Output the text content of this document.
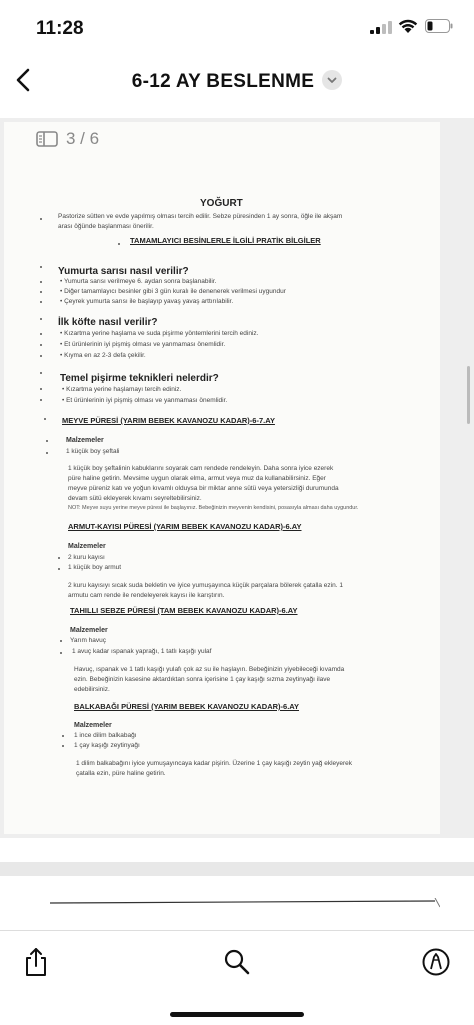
11:28
6-12 AY BESLENME
YOĞURT
Pastorize sütten ve evde yapılmış olması tercih edilir. Sebze püresinden 1 ay sonra, öğle ile akşam
arası öğünde başlanması önerilir.
TAMAMLAYICI BESİNLERLE İLGİLİ PRATİK BİLGİLER
Yumurta sarısı nasıl verilir?
• Yumurta sarısı verilmeye 6. aydan sonra başlanabilir.
• Diğer tamamlayıcı besinler gibi 3 gün kuralı ile denenerek verilmesi uygundur
• Çeyrek yumurta sarısı ile başlayıp yavaş yavaş arttırılabilir.
İlk köfte nasıl verilir?
• Kızartma yerine haşlama ve suda pişirme yöntemlerini tercih ediniz.
• Et ürünlerinin iyi pişmiş olması ve yanmaması önemlidir.
• Kıyma en az 2-3 defa çekilir.
Temel pişirme teknikleri nelerdir?
• Kızartma yerine haşlamayı tercih ediniz.
• Et ürünlerinin iyi pişmiş olması ve yanmaması önemlidir.
MEYVE PÜRESİ (YARIM BEBEK KAVANOZU KADAR)-6-7.AY
Malzemeler
1 küçük boy şeftali
1 küçük boy şeftalinin kabuklarını soyarak cam rendede rendeleyin. Daha sonra iyice ezerek
püre haline getirin. Mevsime uygun olarak elma, armut veya muz da kullanabilirsiniz. Eğer
meyve püreniz katı ve yoğun kıvamlı olduysa bir miktar anne sütü veya yetersizliği durumunda
devam sütü ekleyerek kıvamı seyreltebilirsiniz.
NOT: Meyve suyu yerine meyve püresi ile başlayınız. Bebeğinizin meyvenin kendisini, posasıyla alması daha uygundur.
ARMUT-KAYISI PÜRESİ (YARIM BEBEK KAVANOZU KADAR)-6.AY
Malzemeler
2 kuru kayısı
1 küçük boy armut
2 kuru kayısıyı sıcak suda bekletin ve iyice yumuşayınca küçük parçalara bölerek çatalla ezin. 1
armutu cam rende ile rendeleyerek kayısı ile karıştırın.
TAHILLI SEBZE PÜRESİ (TAM BEBEK KAVANOZU KADAR)-6.AY
Malzemeler
Yarım havuç
1 avuç kadar ıspanak yaprağı, 1 tatlı kaşığı yulaf
Havuç, ıspanak ve 1 tatlı kaşığı yulafı çok az su ile haşlayın. Bebeğinizin yiyebileceği kıvamda
ezin. Bebeğinizin kasesine aktardıktan sonra içerisine 1 çay kaşığı sızma zeytinyağı ilave
edebilirsiniz.
BALKABAĞI PÜRESİ (YARIM BEBEK KAVANOZU KADAR)-6.AY
Malzemeler
1 ince dilim balkabağı
1 çay kaşığı zeytinyağı
1 dilim balkabağını iyice yumuşayıncaya kadar pişirin. Üzerine 1 çay kaşığı zeytin yağ ekleyerek
çatalla ezin, püre haline getirin.
3 / 6
